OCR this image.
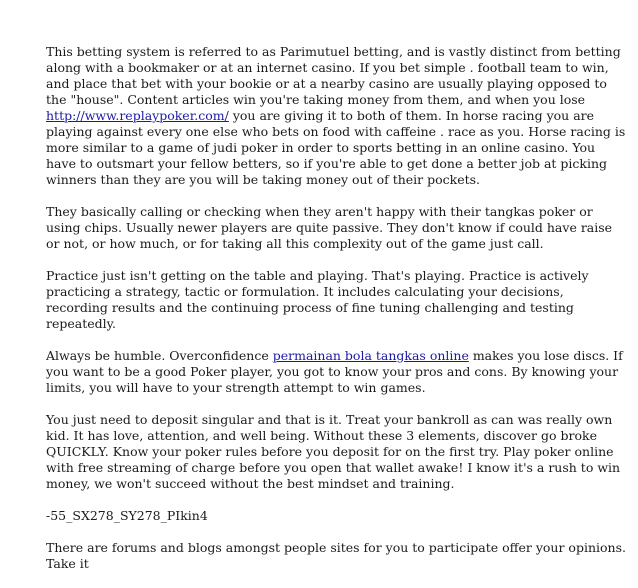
This betting system is referred to as Parimutuel betting, and is vastly distinct from betting along with a bookmaker or at an internet casino. If you bet simple . football team to win, and place that bet with your bookie or at a nearby casino are usually playing opposed to the "house". Content articles win you're taking money from them, and when you lose http://www.replaypoker.com/ you are giving it to both of them. In horse racing you are playing against every one else who bets on food with caffeine . race as you. Horse racing is more similar to a game of judi poker in order to sports betting in an online casino. You have to outsmart your fellow betters, so if you're able to get done a better job at picking winners than they are you will be taking money out of their pockets.

They basically calling or checking when they aren't happy with their tangkas poker or using chips. Usually newer players are quite passive. They don't know if could have raise or not, or how much, or for taking all this complexity out of the game just call.

Practice just isn't getting on the table and playing. That's playing. Practice is actively practicing a strategy, tactic or formulation. It includes calculating your decisions, recording results and the continuing process of fine tuning challenging and testing repeatedly.

Always be humble. Overconfidence permainan bola tangkas online makes you lose discs. If you want to be a good Poker player, you got to know your pros and cons. By knowing your limits, you will have to your strength attempt to win games.

You just need to deposit singular and that is it. Treat your bankroll as can was really own kid. It has love, attention, and well being. Without these 3 elements, discover go broke QUICKLY. Know your poker rules before you deposit for on the first try. Play poker online with free streaming of charge before you open that wallet awake! I know it's a rush to win money, we won't succeed without the best mindset and training.

-55_SX278_SY278_PIkin4

There are forums and blogs amongst people sites for you to participate offer your opinions. Take it
